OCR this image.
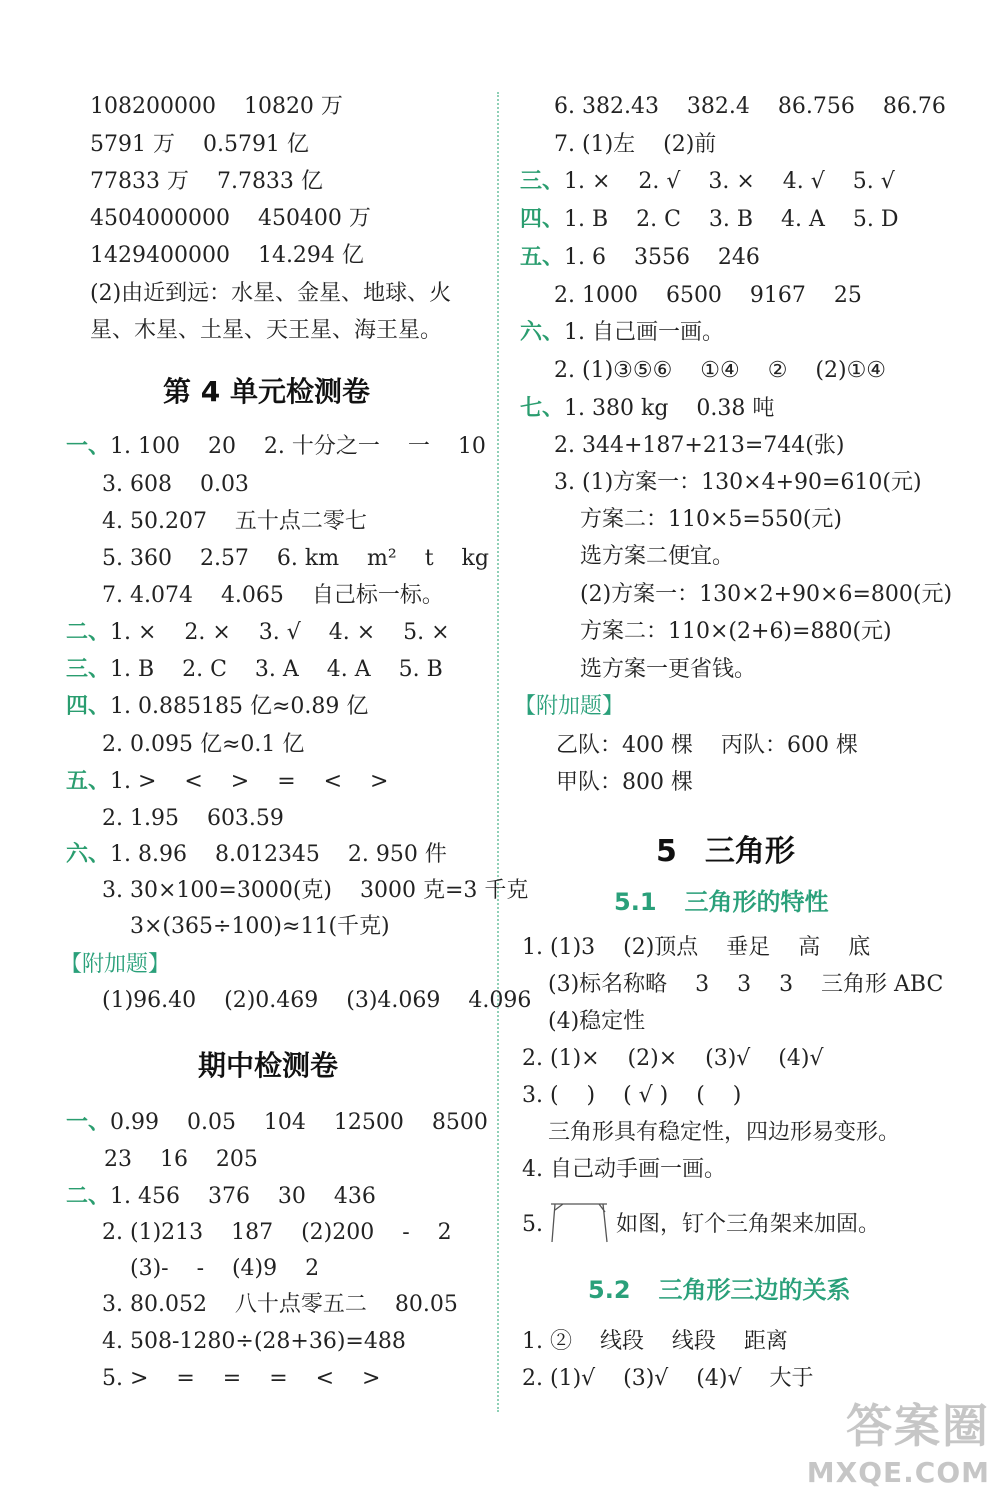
108200000    10820 万
5791 万    0.5791 亿
77833 万    7.7833 亿
4504000000    450400 万
1429400000    14.294 亿
(2)由近到远：水星、金星、地球、火
星、木星、土星、天王星、海王星。
第 4 单元检测卷
一、1. 100    20    2. 十分之一    一    10
3. 608    0.03
4. 50.207    五十点二零七
5. 360    2.57    6. km    m²    t    kg
7. 4.074    4.065    自己标一标。
二、1. ×    2. ×    3. √    4. ×    5. ×
三、1. B    2. C    3. A    4. A    5. B
四、1. 0.885185 亿≈0.89 亿
2. 0.095 亿≈0.1 亿
五、1. >    <    >    =    <    >
2. 1.95    603.59
六、1. 8.96    8.012345    2. 950 件
3. 30×100=3000(克)    3000 克=3 千克
3×(365÷100)≈11(千克)
【附加题】
(1)96.40    (2)0.469    (3)4.069    4.096
期中检测卷
一、0.99    0.05    104    12500    8500
23    16    205
二、1. 456    376    30    436
2. (1)213    187    (2)200    -    2
(3)-    -    (4)9    2
3. 80.052    八十点零五二    80.05
4. 508-1280÷(28+36)=488
5. >    =    =    =    <    >
6. 382.43    382.4    86.756    86.76
7. (1)左    (2)前
三、1. ×    2. √    3. ×    4. √    5. √
四、1. B    2. C    3. B    4. A    5. D
五、1. 6    3556    246
2. 1000    6500    9167    25
六、1. 自己画一画。
2. (1)③⑤⑥    ①④    ②    (2)①④
七、1. 380 kg    0.38 吨
2. 344+187+213=744(张)
3. (1)方案一：130×4+90=610(元)
方案二：110×5=550(元)
选方案二便宜。
(2)方案一：130×2+90×6=800(元)
方案二：110×(2+6)=880(元)
选方案一更省钱。
【附加题】
乙队：400 棵    丙队：600 棵
甲队：800 棵
5 三角形
5.1 三角形的特性
1. (1)3    (2)顶点    垂足    高    底
(3)标名称略    3    3    3    三角形 ABC
(4)稳定性
2. (1)×    (2)×    (3)√    (4)√
3. (    )    ( √ )    (    )
三角形具有稳定性，四边形易变形。
4. 自己动手画一画。
5.	如图，钉个三角架来加固。
5.2 三角形三边的关系
1. ②    线段    线段    距离
2. (1)√    (3)√    (4)√    大于
答案圈
MXQE.COM
